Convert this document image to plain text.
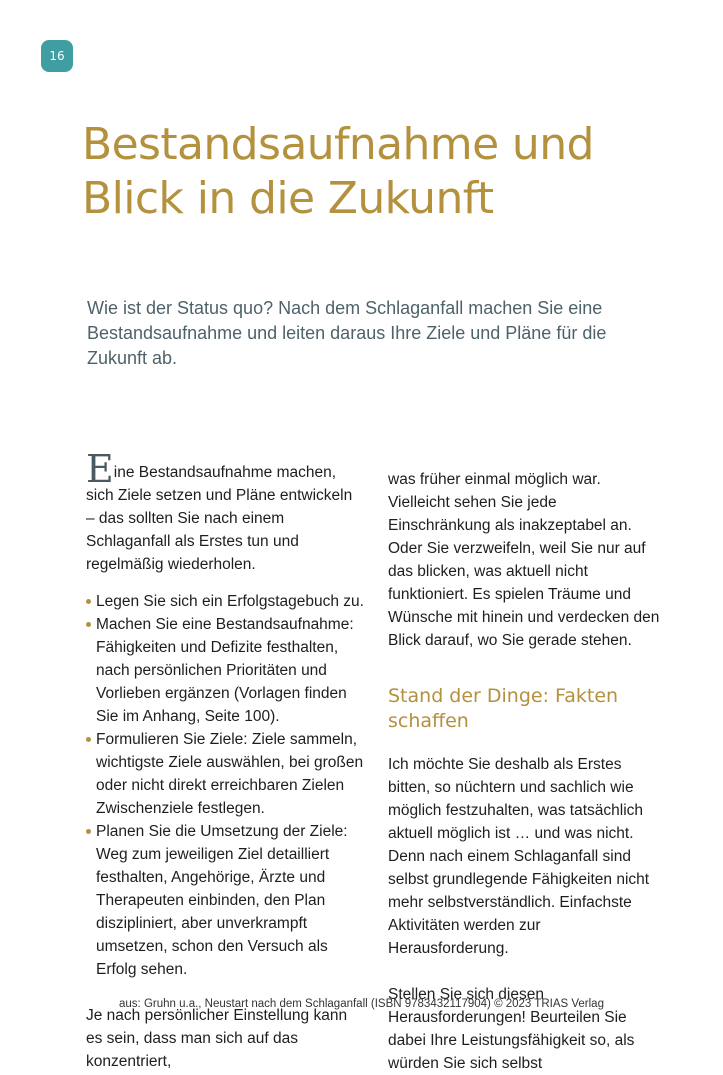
16
Bestandsaufnahme und Blick in die Zukunft

Wie ist der Status quo? Nach dem Schlaganfall machen Sie eine Bestandsaufnahme und leiten daraus Ihre Ziele und Pläne für die Zukunft ab.

Eine Bestandsaufnahme machen, sich Ziele setzen und Pläne entwickeln – das sollten Sie nach einem Schlaganfall als Erstes tun und regelmäßig wiederholen.

Legen Sie sich ein Erfolgstagebuch zu.
Machen Sie eine Bestandsaufnahme: Fähigkeiten und Defizite festhalten, nach persönlichen Prioritäten und Vorlieben ergänzen (Vorlagen finden Sie im Anhang, Seite 100).
Formulieren Sie Ziele: Ziele sammeln, wichtigste Ziele auswählen, bei großen oder nicht direkt erreichbaren Zielen Zwischenziele festlegen.
Planen Sie die Umsetzung der Ziele: Weg zum jeweiligen Ziel detailliert festhalten, Angehörige, Ärzte und Therapeuten einbinden, den Plan diszipliniert, aber unverkrampft umsetzen, schon den Versuch als Erfolg sehen.

Je nach persönlicher Einstellung kann es sein, dass man sich auf das konzentriert,

was früher einmal möglich war. Vielleicht sehen Sie jede Einschränkung als inakzeptabel an. Oder Sie verzweifeln, weil Sie nur auf das blicken, was aktuell nicht funktioniert. Es spielen Träume und Wünsche mit hinein und verdecken den Blick darauf, wo Sie gerade stehen.

Stand der Dinge: Fakten schaffen

Ich möchte Sie deshalb als Erstes bitten, so nüchtern und sachlich wie möglich festzuhalten, was tatsächlich aktuell möglich ist … und was nicht. Denn nach einem Schlaganfall sind selbst grundlegende Fähigkeiten nicht mehr selbstverständlich. Einfachste Aktivitäten werden zur Herausforderung.

Stellen Sie sich diesen Herausforderungen! Beurteilen Sie dabei Ihre Leistungsfähigkeit so, als würden Sie sich selbst

aus: Gruhn u.a., Neustart nach dem Schlaganfall (ISBN 9783432117904) © 2023 TRIAS Verlag
